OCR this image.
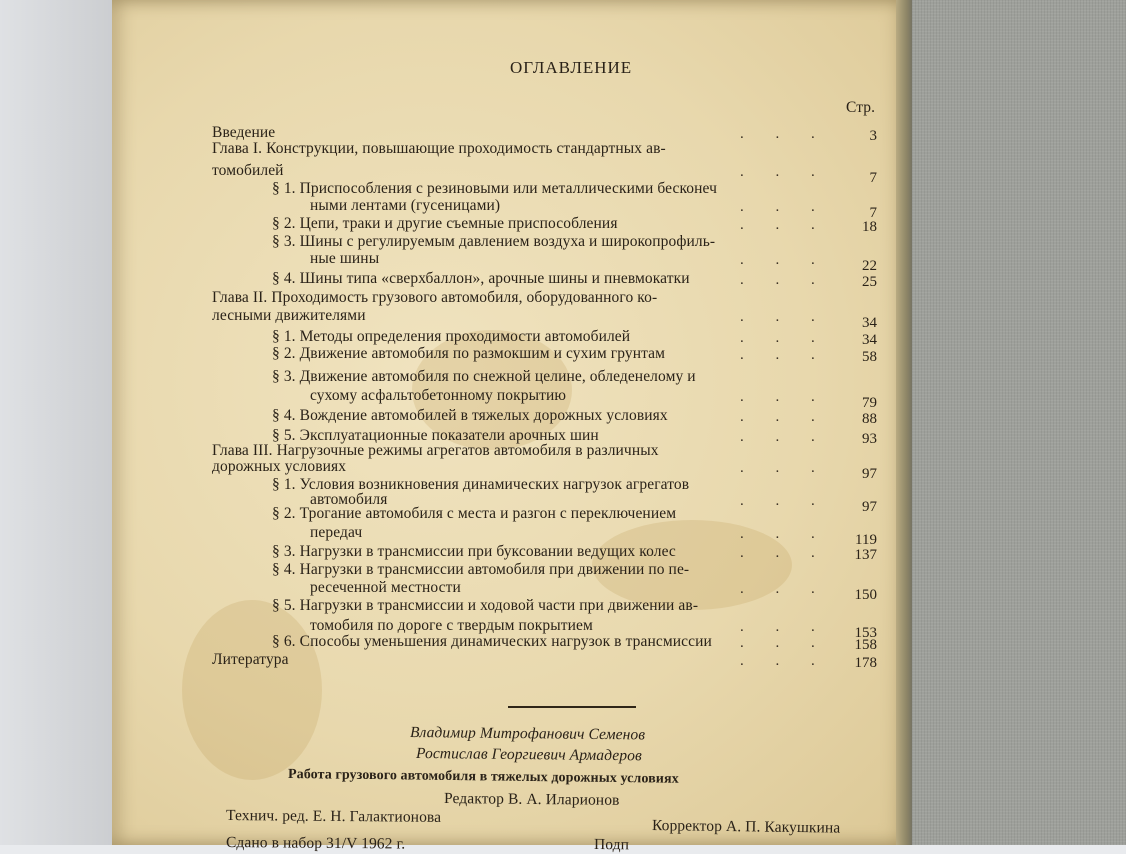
ОГЛАВЛЕНИЕ
Стр.
Введение	3
. . .
Глава I. Конструкции, повышающие проходимость стандартных ав-
томобилей	7
. . .
§ 1. Приспособления с резиновыми или металлическими бесконеч
ными лентами (гусеницами)	7
. . .
§ 2. Цепи, траки и другие съемные приспособления	18
. . .
§ 3. Шины с регулируемым давлением воздуха и широкопрофиль-
ные шины	22
. . .
§ 4. Шины типа «сверхбаллон», арочные шины и пневмокатки	25
. . .
Глава II. Проходимость грузового автомобиля, оборудованного ко-
лесными движителями	34
. . .
§ 1. Методы определения проходимости автомобилей	34
. . .
§ 2. Движение автомобиля по размокшим и сухим грунтам	58
. . .
§ 3. Движение автомобиля по снежной целине, обледенелому и
сухому асфальтобетонному покрытию	79
. . .
§ 4. Вождение автомобилей в тяжелых дорожных условиях	88
. . .
§ 5. Эксплуатационные показатели арочных шин	93
. . .
Глава III. Нагрузочные режимы агрегатов автомобиля в различных
дорожных условиях	97
. . .
§ 1. Условия возникновения динамических нагрузок агрегатов
автомобиля	97
. . .
§ 2. Трогание автомобиля с места и разгон с переключением
передач	119
. . .
§ 3. Нагрузки в трансмиссии при буксовании ведущих колес	137
. . .
§ 4. Нагрузки в трансмиссии автомобиля при движении по пе-
ресеченной местности	150
. . .
§ 5. Нагрузки в трансмиссии и ходовой части при движении ав-
томобиля по дороге с твердым покрытием	153
. . .
§ 6. Способы уменьшения динамических нагрузок в трансмиссии	158
. . .
Литература	178
. . .
Владимир Митрофанович Семенов
Ростислав Георгиевич Армадеров
Работа грузового автомобиля в тяжелых дорожных условиях
Редактор В. А. Иларионов
Технич. ред. Е. Н. Галактионова
Корректор А. П. Какушкина
Сдано в набор 31/V 1962 г.	Подп
